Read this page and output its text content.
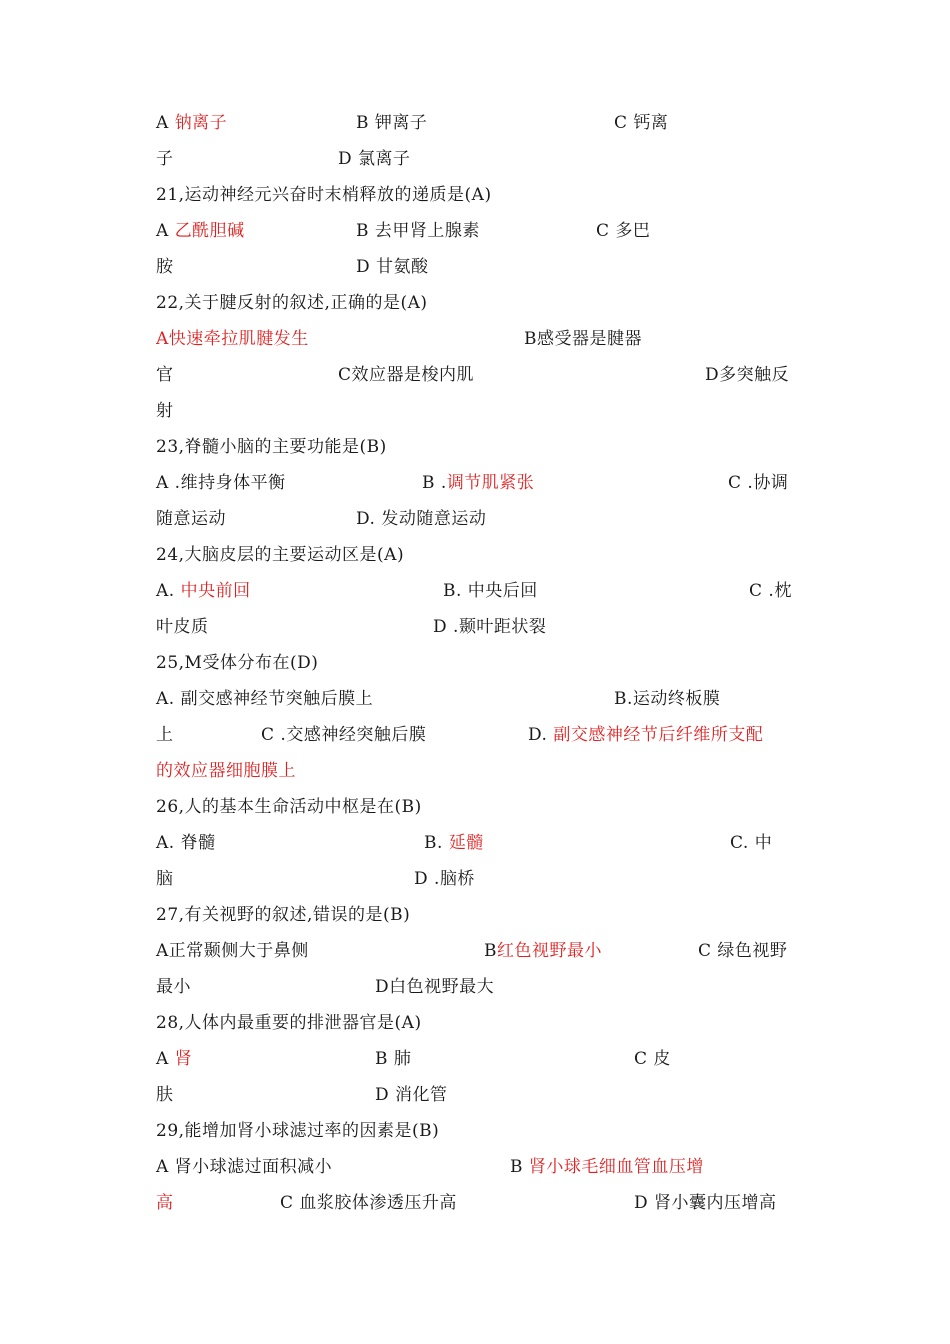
A 钠离子	B 钾离子	C 钙离
子	D 氯离子
21,运动神经元兴奋时末梢释放的递质是(A)
A 乙酰胆碱	B 去甲肾上腺素	C 多巴
胺	D 甘氨酸
22,关于腱反射的叙述,正确的是(A)
A快速牵拉肌腱发生	B感受器是腱器
官	C效应器是梭内肌	D多突触反
射
23,脊髓小脑的主要功能是(B)
A .维持身体平衡	B .调节肌紧张	C .协调
随意运动	D. 发动随意运动
24,大脑皮层的主要运动区是(A)
A. 中央前回	B. 中央后回	C .枕
叶皮质	D .颞叶距状裂
25,M受体分布在(D)
A. 副交感神经节突触后膜上	B.运动终板膜
上	C .交感神经突触后膜	D. 副交感神经节后纤维所支配
的效应器细胞膜上
26,人的基本生命活动中枢是在(B)
A. 脊髓	B. 延髓	C. 中
脑	D .脑桥
27,有关视野的叙述,错误的是(B)
A正常颞侧大于鼻侧	B红色视野最小	C 绿色视野
最小	D白色视野最大
28,人体内最重要的排泄器官是(A)
A 肾	B 肺	C 皮
肤	D 消化管
29,能增加肾小球滤过率的因素是(B)
A 肾小球滤过面积减小	B 肾小球毛细血管血压增
高	C 血浆胶体渗透压升高	D 肾小囊内压增高
